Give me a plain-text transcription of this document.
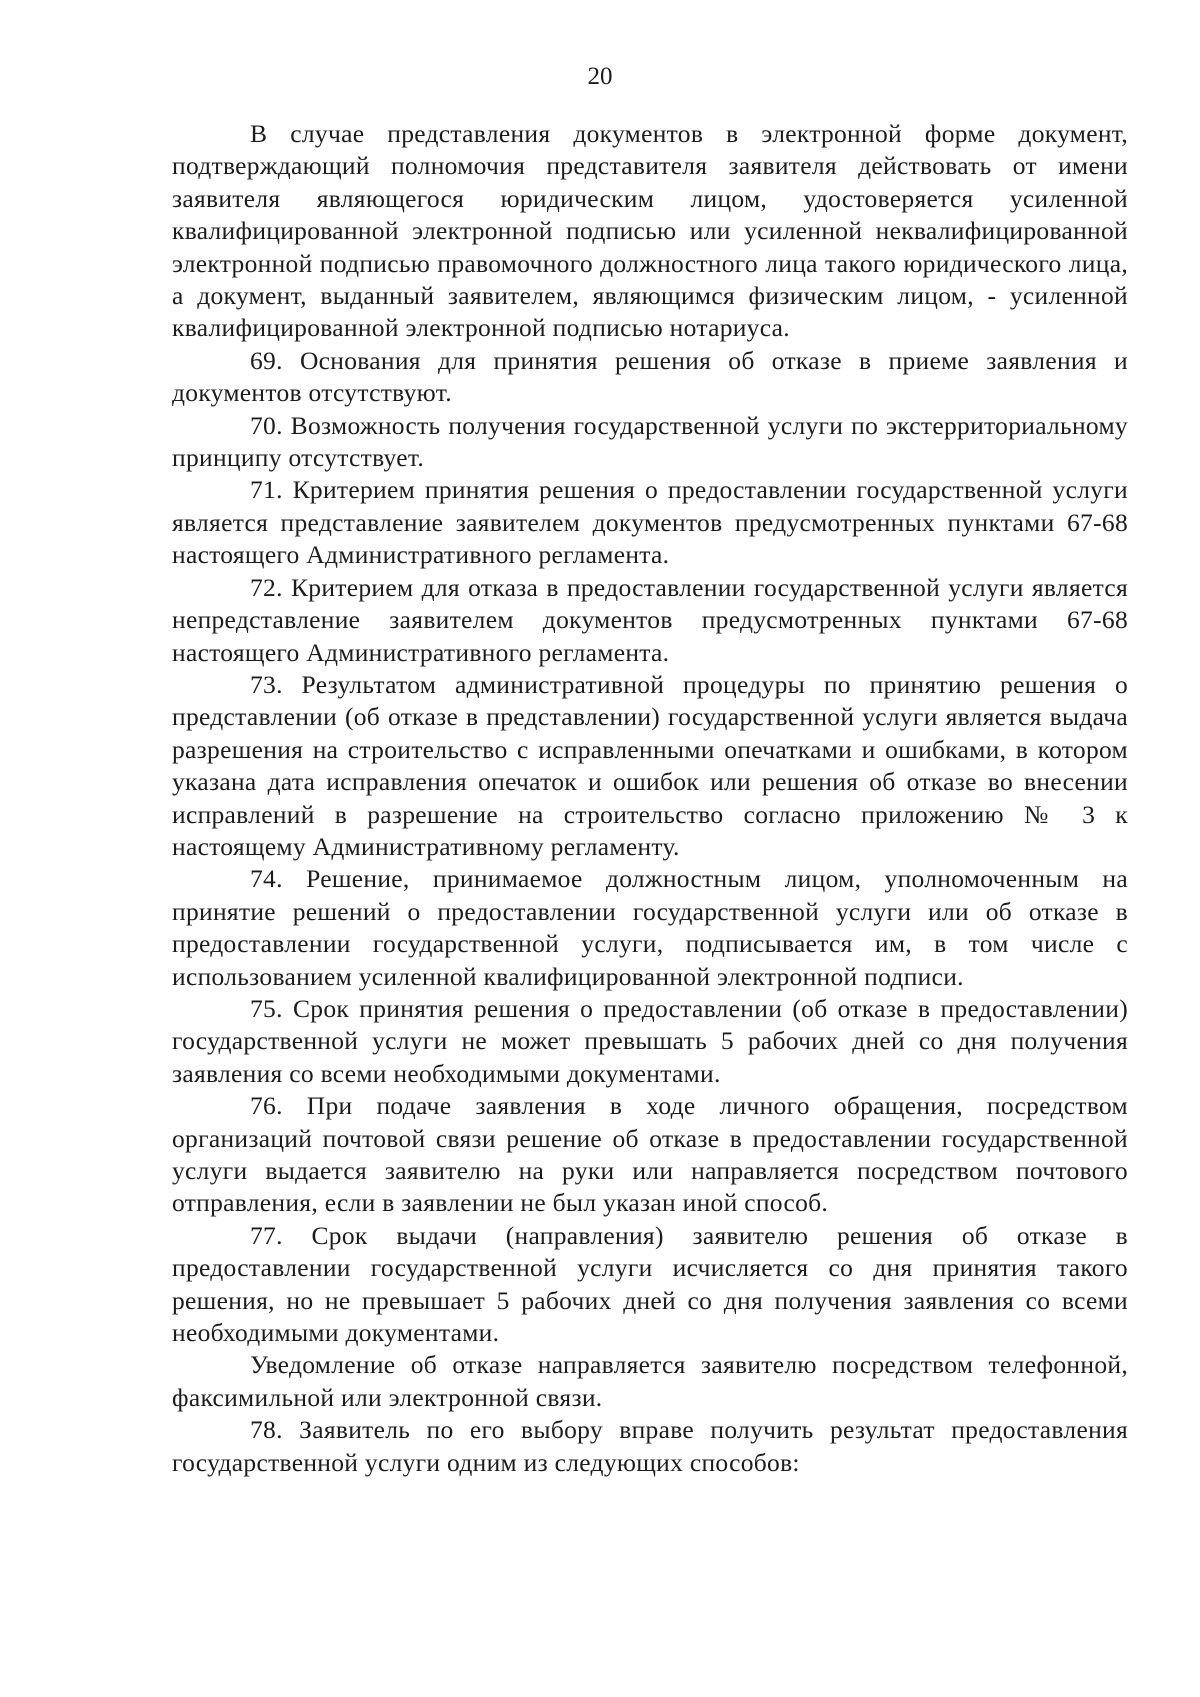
20

В случае представления документов в электронной форме документ, подтверждающий полномочия представителя заявителя действовать от имени заявителя являющегося юридическим лицом, удостоверяется усиленной квалифицированной электронной подписью или усиленной неквалифицированной электронной подписью правомочного должностного лица такого юридического лица, а документ, выданный заявителем, являющимся физическим лицом, - усиленной квалифицированной электронной подписью нотариуса.

69. Основания для принятия решения об отказе в приеме заявления и документов отсутствуют.

70. Возможность получения государственной услуги по экстерриториальному принципу отсутствует.

71. Критерием принятия решения о предоставлении государственной услуги является представление заявителем документов предусмотренных пунктами 67-68 настоящего Административного регламента.

72. Критерием для отказа в предоставлении государственной услуги является непредставление заявителем документов предусмотренных пунктами 67-68 настоящего Административного регламента.

73. Результатом административной процедуры по принятию решения о представлении (об отказе в представлении) государственной услуги является выдача разрешения на строительство с исправленными опечатками и ошибками, в котором указана дата исправления опечаток и ошибок или решения об отказе во внесении исправлений в разрешение на строительство согласно приложению № 3 к настоящему Административному регламенту.

74. Решение, принимаемое должностным лицом, уполномоченным на принятие решений о предоставлении государственной услуги или об отказе в предоставлении государственной услуги, подписывается им, в том числе с использованием усиленной квалифицированной электронной подписи.

75. Срок принятия решения о предоставлении (об отказе в предоставлении) государственной услуги не может превышать 5 рабочих дней со дня получения заявления со всеми необходимыми документами.

76. При подаче заявления в ходе личного обращения, посредством организаций почтовой связи решение об отказе в предоставлении государственной услуги выдается заявителю на руки или направляется посредством почтового отправления, если в заявлении не был указан иной способ.

77. Срок выдачи (направления) заявителю решения об отказе в предоставлении государственной услуги исчисляется со дня принятия такого решения, но не превышает 5 рабочих дней со дня получения заявления со всеми необходимыми документами.

Уведомление об отказе направляется заявителю посредством телефонной, факсимильной или электронной связи.

78. Заявитель по его выбору вправе получить результат предоставления государственной услуги одним из следующих способов:
